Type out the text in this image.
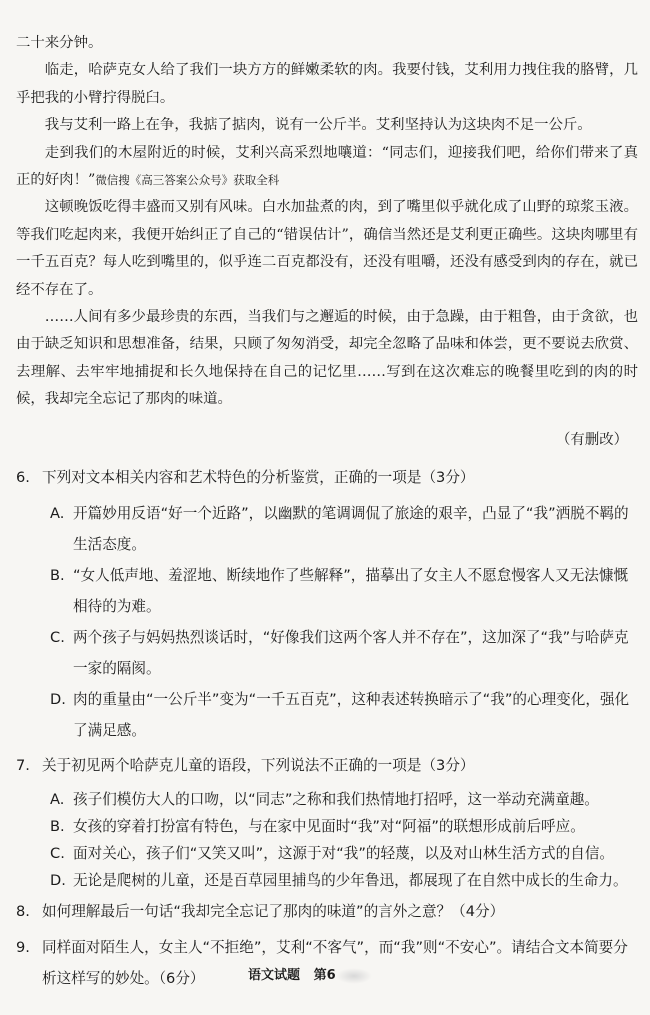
二十来分钟。

临走，哈萨克女人给了我们一块方方的鲜嫩柔软的肉。我要付钱，艾利用力拽住我的胳臂，几乎把我的小臂拧得脱臼。

我与艾利一路上在争，我掂了掂肉，说有一公斤半。艾利坚持认为这块肉不足一公斤。

走到我们的木屋附近的时候，艾利兴高采烈地嚷道：“同志们，迎接我们吧，给你们带来了真正的好肉！”微信搜《高三答案公众号》获取全科

这顿晚饭吃得丰盛而又别有风味。白水加盐煮的肉，到了嘴里似乎就化成了山野的琼浆玉液。等我们吃起肉来，我便开始纠正了自己的“错误估计”，确信当然还是艾利更正确些。这块肉哪里有一千五百克？每人吃到嘴里的，似乎连二百克都没有，还没有咀嚼，还没有感受到肉的存在，就已经不存在了。

……人间有多少最珍贵的东西，当我们与之邂逅的时候，由于急躁，由于粗鲁，由于贪欲，也由于缺乏知识和思想准备，结果，只顾了匆匆消受，却完全忽略了品味和体尝，更不要说去欣赏、去理解、去牢牢地捕捉和长久地保持在自己的记忆里……写到在这次难忘的晚餐里吃到的肉的时候，我却完全忘记了那肉的味道。

（有删改）
6. 下列对文本相关内容和艺术特色的分析鉴赏，正确的一项是（3分）
A. 开篇妙用反语“好一个近路”，以幽默的笔调调侃了旅途的艰辛，凸显了“我”洒脱不羁的生活态度。
B. “女人低声地、羞涩地、断续地作了些解释”，描摹出了女主人不愿怠慢客人又无法慷慨相待的为难。
C. 两个孩子与妈妈热烈谈话时，“好像我们这两个客人并不存在”，这加深了“我”与哈萨克一家的隔阂。
D. 肉的重量由“一公斤半”变为“一千五百克”，这种表述转换暗示了“我”的心理变化，强化了满足感。
7. 关于初见两个哈萨克儿童的语段，下列说法不正确的一项是（3分）
A. 孩子们模仿大人的口吻，以“同志”之称和我们热情地打招呼，这一举动充满童趣。
B. 女孩的穿着打扮富有特色，与在家中见面时“我”对“阿福”的联想形成前后呼应。
C. 面对关心，孩子们“又笑又叫”，这源于对“我”的轻蔑，以及对山林生活方式的自信。
D. 无论是爬树的儿童，还是百草园里捕鸟的少年鲁迅，都展现了在自然中成长的生命力。
8. 如何理解最后一句话“我却完全忘记了那肉的味道”的言外之意？（4分）
9. 同样面对陌生人，女主人“不拒绝”，艾利“不客气”，而“我”则“不安心”。请结合文本简要分析这样写的妙处。（6分）	语文试题 第6
